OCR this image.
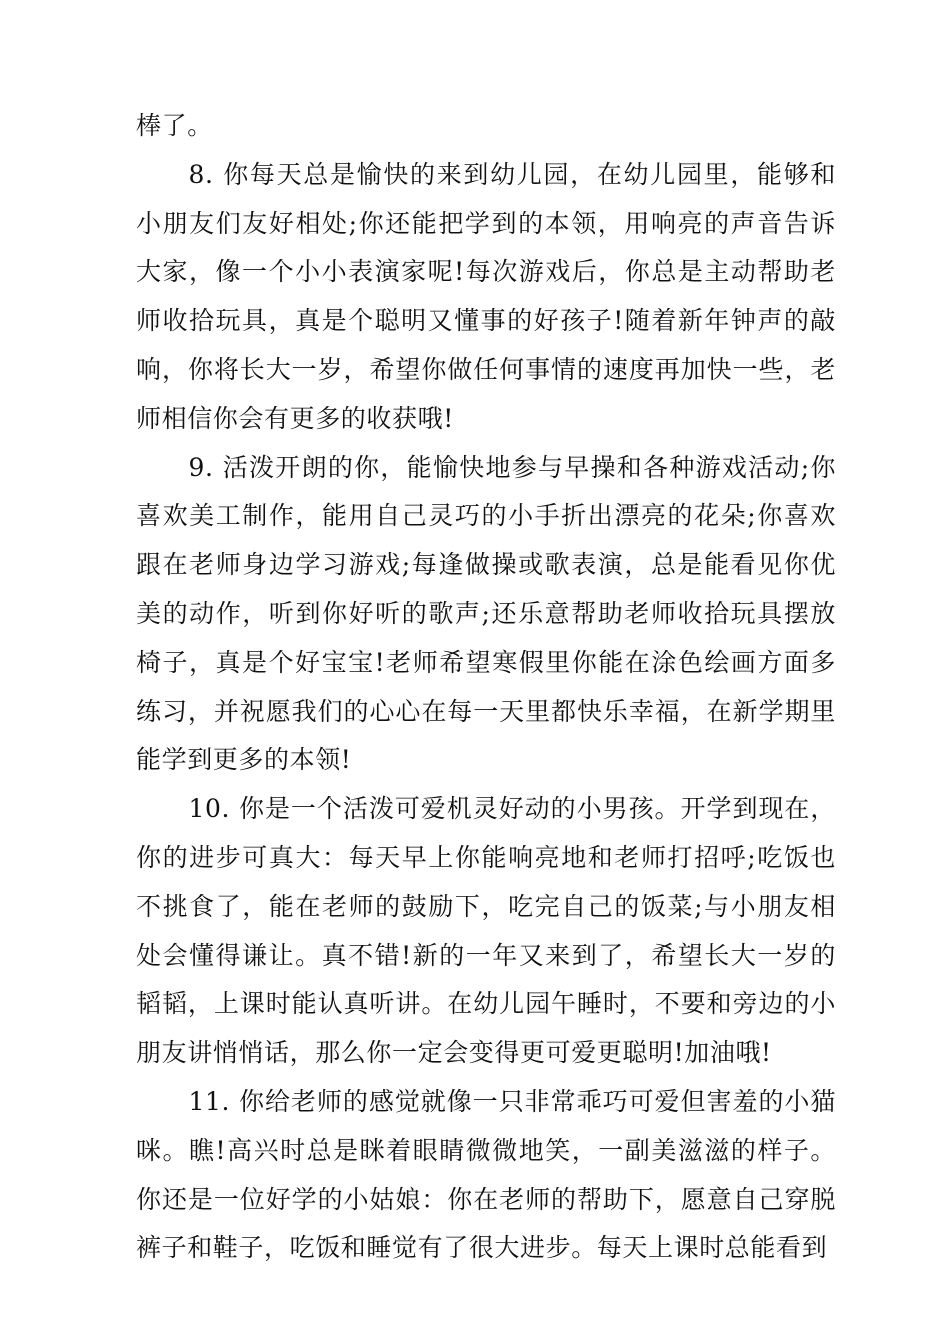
棒了。

8. 你每天总是愉快的来到幼儿园，在幼儿园里，能够和小朋友们友好相处;你还能把学到的本领，用响亮的声音告诉大家，像一个小小表演家呢!每次游戏后，你总是主动帮助老师收拾玩具，真是个聪明又懂事的好孩子!随着新年钟声的敲响，你将长大一岁，希望你做任何事情的速度再加快一些，老师相信你会有更多的收获哦!

9. 活泼开朗的你，能愉快地参与早操和各种游戏活动;你喜欢美工制作，能用自己灵巧的小手折出漂亮的花朵;你喜欢跟在老师身边学习游戏;每逢做操或歌表演，总是能看见你优美的动作，听到你好听的歌声;还乐意帮助老师收拾玩具摆放椅子，真是个好宝宝!老师希望寒假里你能在涂色绘画方面多练习，并祝愿我们的心心在每一天里都快乐幸福，在新学期里能学到更多的本领!

10. 你是一个活泼可爱机灵好动的小男孩。开学到现在，你的进步可真大：每天早上你能响亮地和老师打招呼;吃饭也不挑食了，能在老师的鼓励下，吃完自己的饭菜;与小朋友相处会懂得谦让。真不错!新的一年又来到了，希望长大一岁的韬韬，上课时能认真听讲。在幼儿园午睡时，不要和旁边的小朋友讲悄悄话，那么你一定会变得更可爱更聪明!加油哦!

11. 你给老师的感觉就像一只非常乖巧可爱但害羞的小猫咪。瞧!高兴时总是眯着眼睛微微地笑，一副美滋滋的样子。你还是一位好学的小姑娘：你在老师的帮助下，愿意自己穿脱裤子和鞋子，吃饭和睡觉有了很大进步。每天上课时总能看到
